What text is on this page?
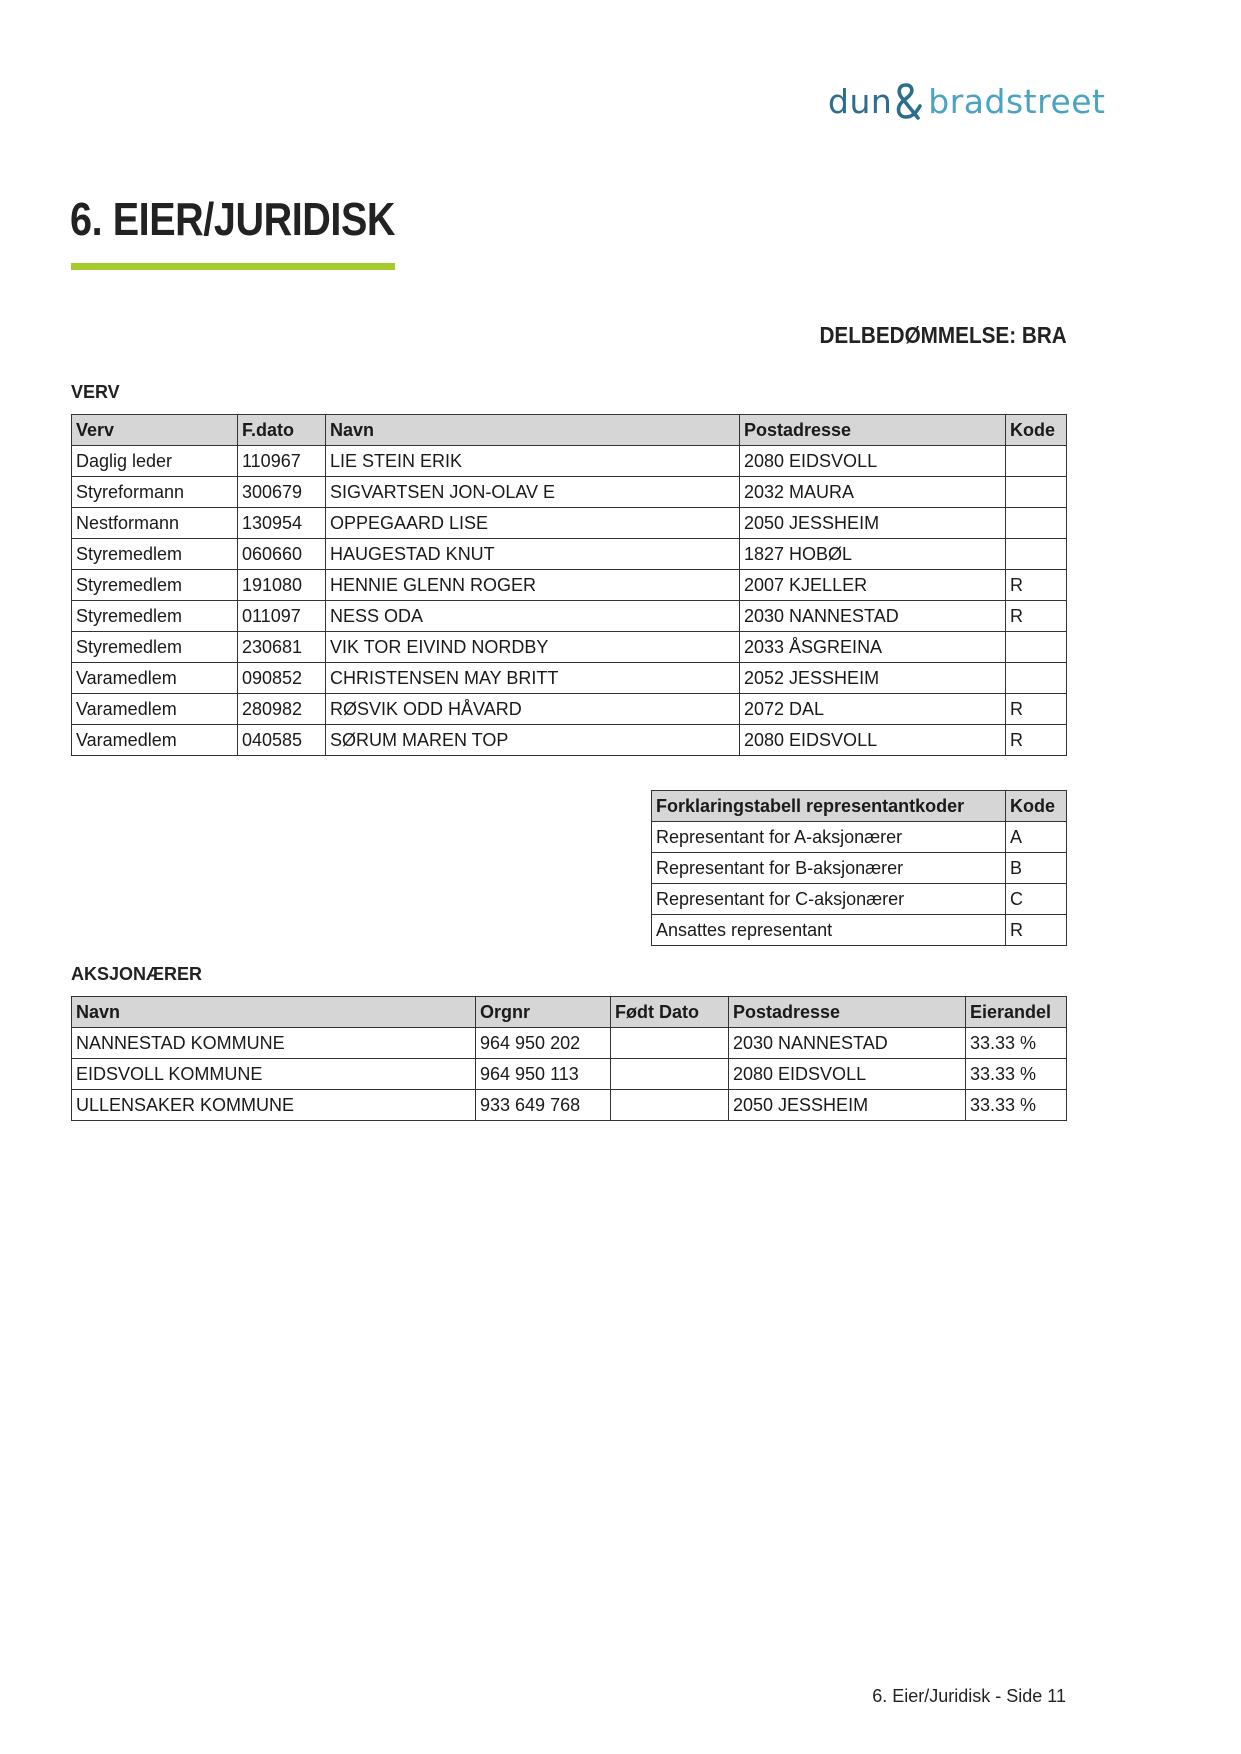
dun bradstreet
6. EIER/JURIDISK
DELBEDØMMELSE: BRA
VERV
Verv	F.dato	Navn	Postadresse	Kode
Daglig leder	110967	LIE STEIN ERIK	2080 EIDSVOLL	
Styreformann	300679	SIGVARTSEN JON-OLAV E	2032 MAURA	
Nestformann	130954	OPPEGAARD LISE	2050 JESSHEIM	
Styremedlem	060660	HAUGESTAD KNUT	1827 HOBØL	
Styremedlem	191080	HENNIE GLENN ROGER	2007 KJELLER	R
Styremedlem	011097	NESS ODA	2030 NANNESTAD	R
Styremedlem	230681	VIK TOR EIVIND NORDBY	2033 ÅSGREINA	
Varamedlem	090852	CHRISTENSEN MAY BRITT	2052 JESSHEIM	
Varamedlem	280982	RØSVIK ODD HÅVARD	2072 DAL	R
Varamedlem	040585	SØRUM MAREN TOP	2080 EIDSVOLL	R
Forklaringstabell representantkoder	Kode
Representant for A-aksjonærer	A
Representant for B-aksjonærer	B
Representant for C-aksjonærer	C
Ansattes representant	R
AKSJONÆRER
Navn	Orgnr	Født Dato	Postadresse	Eierandel
NANNESTAD KOMMUNE	964 950 202		2030 NANNESTAD	33.33 %
EIDSVOLL KOMMUNE	964 950 113		2080 EIDSVOLL	33.33 %
ULLENSAKER KOMMUNE	933 649 768		2050 JESSHEIM	33.33 %
6. Eier/Juridisk - Side 11
